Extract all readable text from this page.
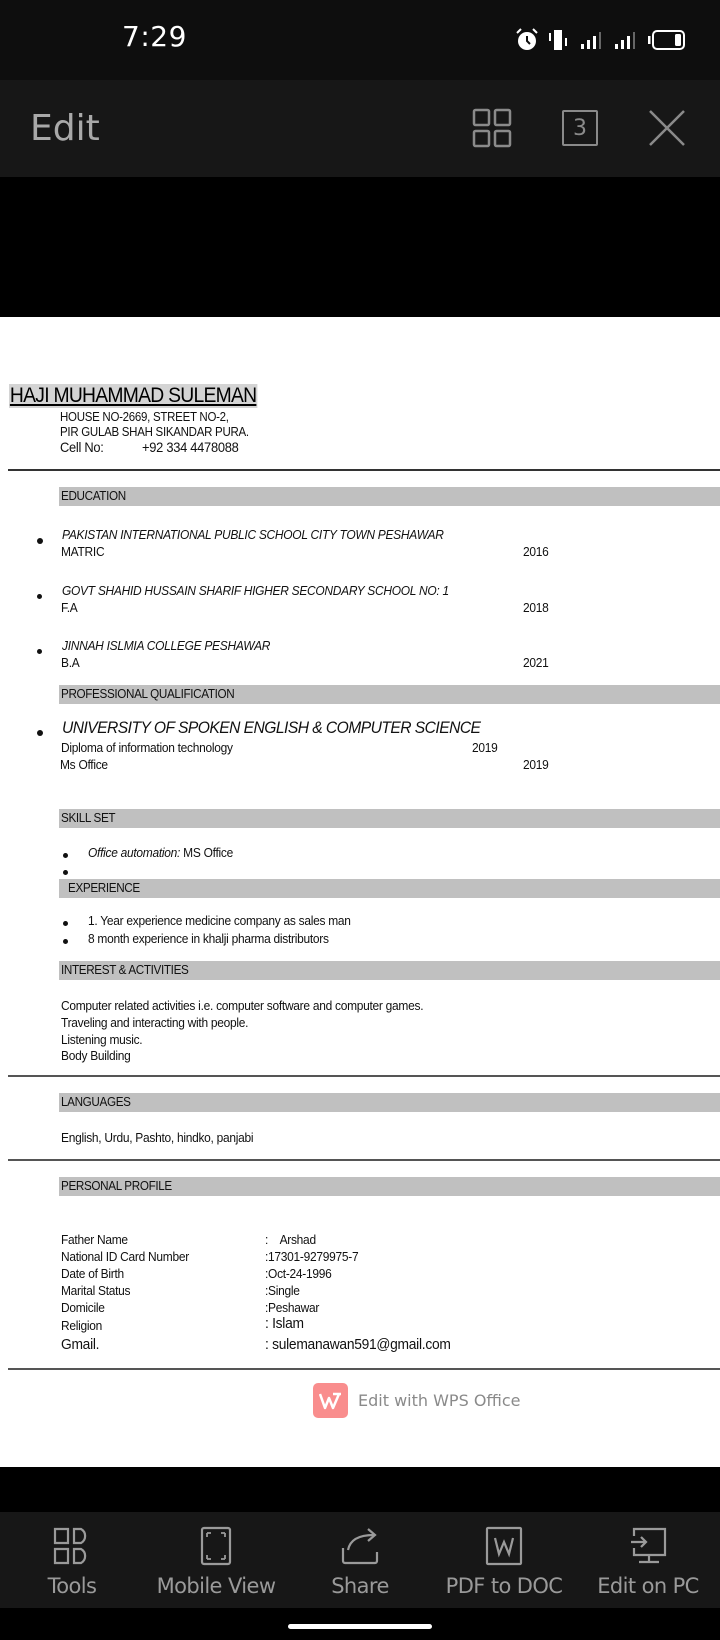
7:29
Edit	3
HAJI MUHAMMAD SULEMAN
HOUSE NO-2669, STREET NO-2,
PIR GULAB SHAH SIKANDAR PURA.
Cell No:	+92 334 4478088
EDUCATION
PAKISTAN INTERNATIONAL PUBLIC SCHOOL CITY TOWN PESHAWAR
MATRIC	2016
GOVT SHAHID HUSSAIN SHARIF HIGHER SECONDARY SCHOOL NO: 1
F.A	2018
JINNAH ISLMIA COLLEGE PESHAWAR
B.A	2021
PROFESSIONAL QUALIFICATION
UNIVERSITY OF SPOKEN ENGLISH & COMPUTER SCIENCE
Diploma of information technology	2019
Ms Office	2019
SKILL SET
Office automation: MS Office
EXPERIENCE
1. Year experience medicine company as sales man
8 month experience in khalji pharma distributors
INTEREST & ACTIVITIES
Computer related activities i.e. computer software and computer games.
Traveling and interacting with people.
Listening music.
Body Building
LANGUAGES
English, Urdu, Pashto, hindko, panjabi
PERSONAL PROFILE
Father Name	:    Arshad
National ID Card Number	:17301-9279975-7
Date of Birth	:Oct-24-1996
Marital Status	:Single
Domicile	:Peshawar
Religion	: Islam
Gmail.	: sulemanawan591@gmail.com
Edit with WPS Office
Tools	Mobile View	Share	PDF to DOC Edit on PC
